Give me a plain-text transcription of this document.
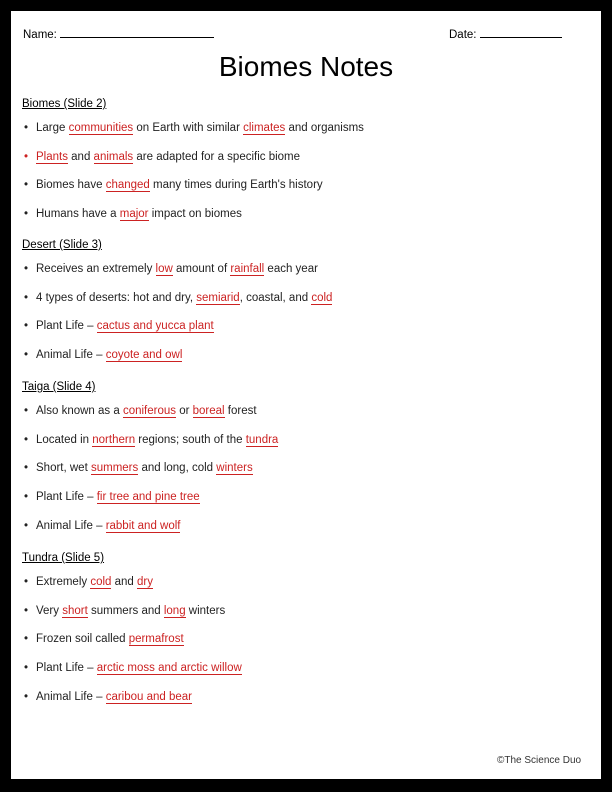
Name:	Date:
Biomes Notes
Biomes (Slide 2)
• Large communities on Earth with similar climates and organisms
• Plants and animals are adapted for a specific biome
• Biomes have changed many times during Earth's history
• Humans have a major impact on biomes
Desert (Slide 3)
• Receives an extremely low amount of rainfall each year
• 4 types of deserts: hot and dry, semiarid, coastal, and cold
• Plant Life – cactus and yucca plant
• Animal Life – coyote and owl
Taiga (Slide 4)
• Also known as a coniferous or boreal forest
• Located in northern regions; south of the tundra
• Short, wet summers and long, cold winters
• Plant Life – fir tree and pine tree
• Animal Life – rabbit and wolf
Tundra (Slide 5)
• Extremely cold and dry
• Very short summers and long winters
• Frozen soil called permafrost
• Plant Life – arctic moss and arctic willow
• Animal Life – caribou and bear
©The Science Duo
